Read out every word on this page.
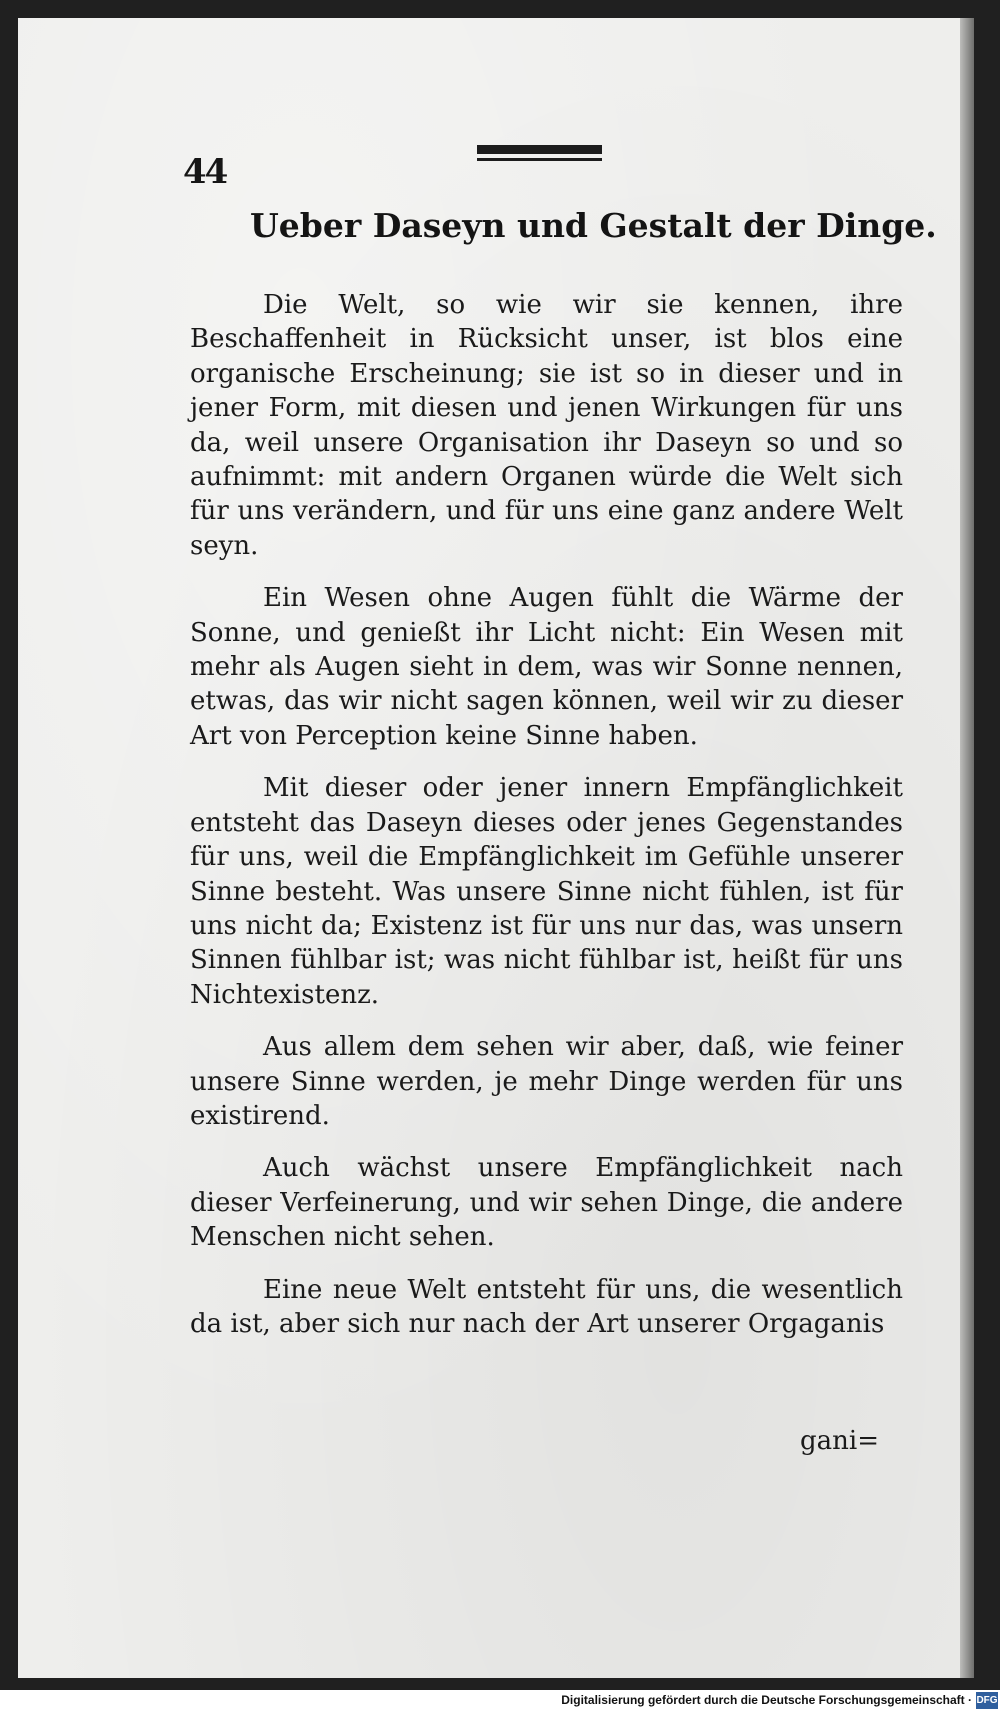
44
Ueber Daseyn und Gestalt der Dinge.

Die Welt, so wie wir sie kennen, ihre Beschaffenheit in Rücksicht unser, ist blos eine organische Erscheinung; sie ist so in dieser und in jener Form, mit diesen und jenen Wirkungen für uns da, weil unsere Organisation ihr Daseyn so und so aufnimmt: mit andern Organen würde die Welt sich für uns verändern, und für uns eine ganz andere Welt seyn.

Ein Wesen ohne Augen fühlt die Wärme der Sonne, und genießt ihr Licht nicht: Ein Wesen mit mehr als Augen sieht in dem, was wir Sonne nennen, etwas, das wir nicht sagen können, weil wir zu dieser Art von Perception keine Sinne haben.

Mit dieser oder jener innern Empfänglichkeit entsteht das Daseyn dieses oder jenes Gegenstandes für uns, weil die Empfänglichkeit im Gefühle unserer Sinne besteht. Was unsere Sinne nicht fühlen, ist für uns nicht da; Existenz ist für uns nur das, was unsern Sinnen fühlbar ist; was nicht fühlbar ist, heißt für uns Nichtexistenz.

Aus allem dem sehen wir aber, daß, wie feiner unsere Sinne werden, je mehr Dinge werden für uns existirend.

Auch wächst unsere Empfänglichkeit nach dieser Verfeinerung, und wir sehen Dinge, die andere Menschen nicht sehen.

Eine neue Welt entsteht für uns, die wesentlich da ist, aber sich nur nach der Art unserer Orgaganis

gani=
Digitalisierung gefördert durch die Deutsche Forschungsgemeinschaft · DFG
